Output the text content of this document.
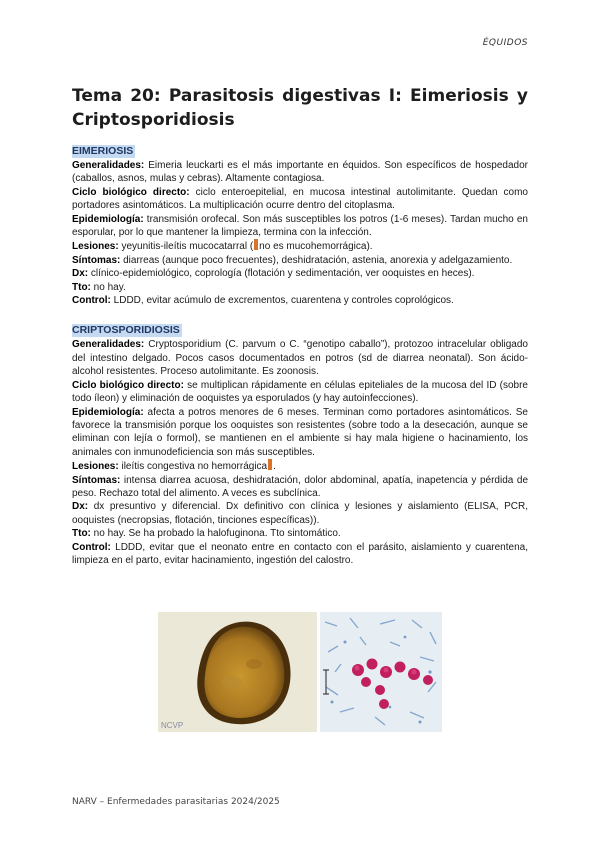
ÉQUIDOS
Tema 20: Parasitosis digestivas I: Eimeriosis y
Criptosporidiosis
EIMERIOSIS

Generalidades: Eimeria leuckarti es el más importante en équidos. Son específicos de hospedador (caballos, asnos, mulas y cebras). Altamente contagiosa.

Ciclo biológico directo: ciclo enteroepitelial, en mucosa intestinal autolimitante. Quedan como portadores asintomáticos. La multiplicación ocurre dentro del citoplasma.

Epidemiología: transmisión orofecal. Son más susceptibles los potros (1-6 meses). Tardan mucho en esporular, por lo que mantener la limpieza, termina con la infección.

Lesiones: yeyunitis-ileítis mucocatarral ( no es mucohemorrágica).

Síntomas: diarreas (aunque poco frecuentes), deshidratación, astenia, anorexia y adelgazamiento.

Dx: clínico-epidemiológico, coprología (flotación y sedimentación, ver ooquistes en heces).

Tto: no hay.

Control: LDDD, evitar acúmulo de excrementos, cuarentena y controles coprológicos.

CRIPTOSPORIDIOSIS

Generalidades: Cryptosporidium (C. parvum o C. “genotipo caballo”), protozoo intracelular obligado del intestino delgado. Pocos casos documentados en potros (sd de diarrea neonatal). Son ácido-alcohol resistentes. Proceso autolimitante. Es zoonosis.

Ciclo biológico directo: se multiplican rápidamente en células epiteliales de la mucosa del ID (sobre todo íleon) y eliminación de ooquistes ya esporulados (y hay autoinfecciones).

Epidemiología: afecta a potros menores de 6 meses. Terminan como portadores asintomáticos. Se favorece la transmisión porque los ooquistes son resistentes (sobre todo a la desecación, aunque se eliminan con lejía o formol), se mantienen en el ambiente si hay mala higiene o hacinamiento, los animales con inmunodeficiencia son más susceptibles.

Lesiones: ileítis congestiva no hemorrágica .

Síntomas: intensa diarrea acuosa, deshidratación, dolor abdominal, apatía, inapetencia y pérdida de peso. Rechazo total del alimento. A veces es subclínica.

Dx: dx presuntivo y diferencial. Dx definitivo con clínica y lesiones y aislamiento (ELISA, PCR, ooquistes (necropsias, flotación, tinciones específicas)).

Tto: no hay. Se ha probado la halofuginona. Tto sintomático.

Control: LDDD, evitar que el neonato entre en contacto con el parásito, aislamiento y cuarentena, limpieza en el parto, evitar hacinamiento, ingestión del calostro.

NCVP
NARV – Enfermedades parasitarias 2024/2025
